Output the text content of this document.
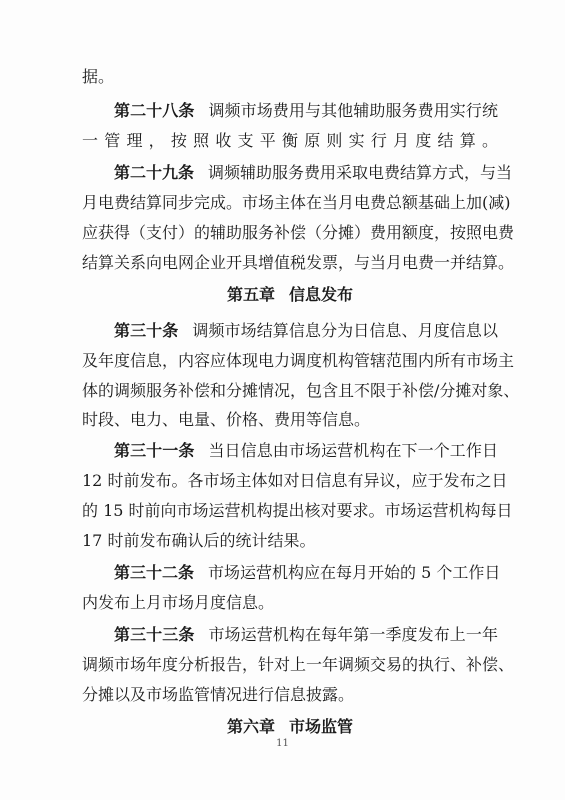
据。
第二十八条 调频市场费用与其他辅助服务费用实行统
一管理，按照收支平衡原则实行月度结算。
第二十九条 调频辅助服务费用采取电费结算方式，与当
月电费结算同步完成。市场主体在当月电费总额基础上加(减)
应获得（支付）的辅助服务补偿（分摊）费用额度，按照电费
结算关系向电网企业开具增值税发票，与当月电费一并结算。
第五章 信息发布
第三十条 调频市场结算信息分为日信息、月度信息以
及年度信息，内容应体现电力调度机构管辖范围内所有市场主
体的调频服务补偿和分摊情况，包含且不限于补偿/分摊对象、
时段、电力、电量、价格、费用等信息。
第三十一条 当日信息由市场运营机构在下一个工作日
12 时前发布。各市场主体如对日信息有异议，应于发布之日
的 15 时前向市场运营机构提出核对要求。市场运营机构每日
17 时前发布确认后的统计结果。
第三十二条 市场运营机构应在每月开始的 5 个工作日
内发布上月市场月度信息。
第三十三条 市场运营机构在每年第一季度发布上一年
调频市场年度分析报告，针对上一年调频交易的执行、补偿、
分摊以及市场监管情况进行信息披露。
第六章 市场监管
11
